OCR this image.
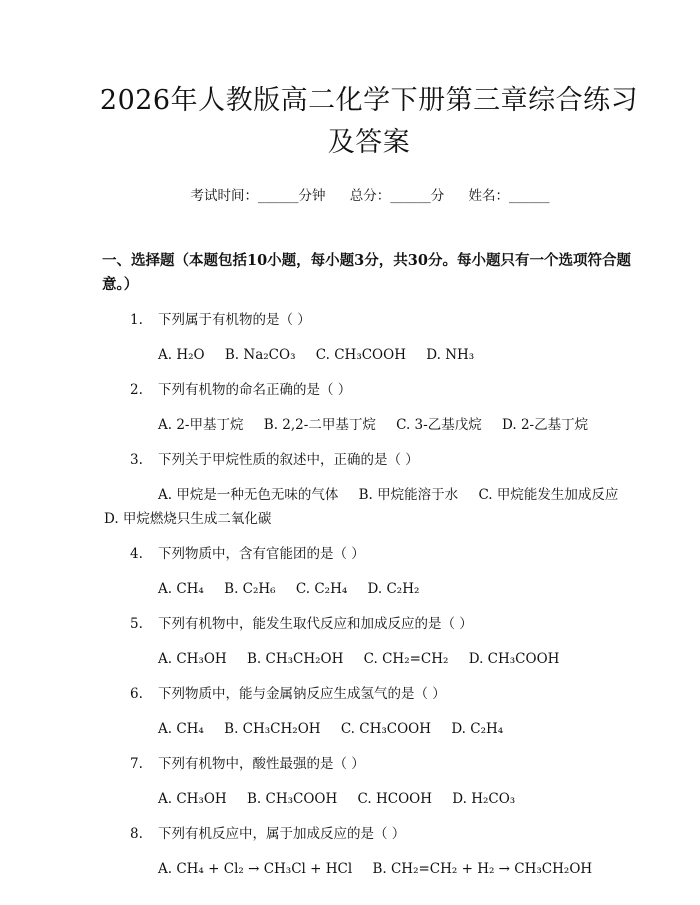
2026年人教版高二化学下册第三章综合练习及答案
考试时间：______分钟 总分：______分 姓名：______
一、选择题（本题包括10小题，每小题3分，共30分。每小题只有一个选项符合题意。）
1. 下列属于有机物的是（ ）
A. H₂O B. Na₂CO₃ C. CH₃COOH D. NH₃
2. 下列有机物的命名正确的是（ ）
A. 2-甲基丁烷 B. 2,2-二甲基丁烷 C. 3-乙基戊烷 D. 2-乙基丁烷
3. 下列关于甲烷性质的叙述中，正确的是（ ）
A. 甲烷是一种无色无味的气体 B. 甲烷能溶于水 C. 甲烷能发生加成反应 D. 甲烷燃烧只生成二氧化碳
4. 下列物质中，含有官能团的是（ ）
A. CH₄ B. C₂H₆ C. C₂H₄ D. C₂H₂
5. 下列有机物中，能发生取代反应和加成反应的是（ ）
A. CH₃OH B. CH₃CH₂OH C. CH₂=CH₂ D. CH₃COOH
6. 下列物质中，能与金属钠反应生成氢气的是（ ）
A. CH₄ B. CH₃CH₂OH C. CH₃COOH D. C₂H₄
7. 下列有机物中，酸性最强的是（ ）
A. CH₃OH B. CH₃COOH C. HCOOH D. H₂CO₃
8. 下列有机反应中，属于加成反应的是（ ）
A. CH₄ + Cl₂ → CH₃Cl + HCl B. CH₂=CH₂ + H₂ → CH₃CH₂OH
